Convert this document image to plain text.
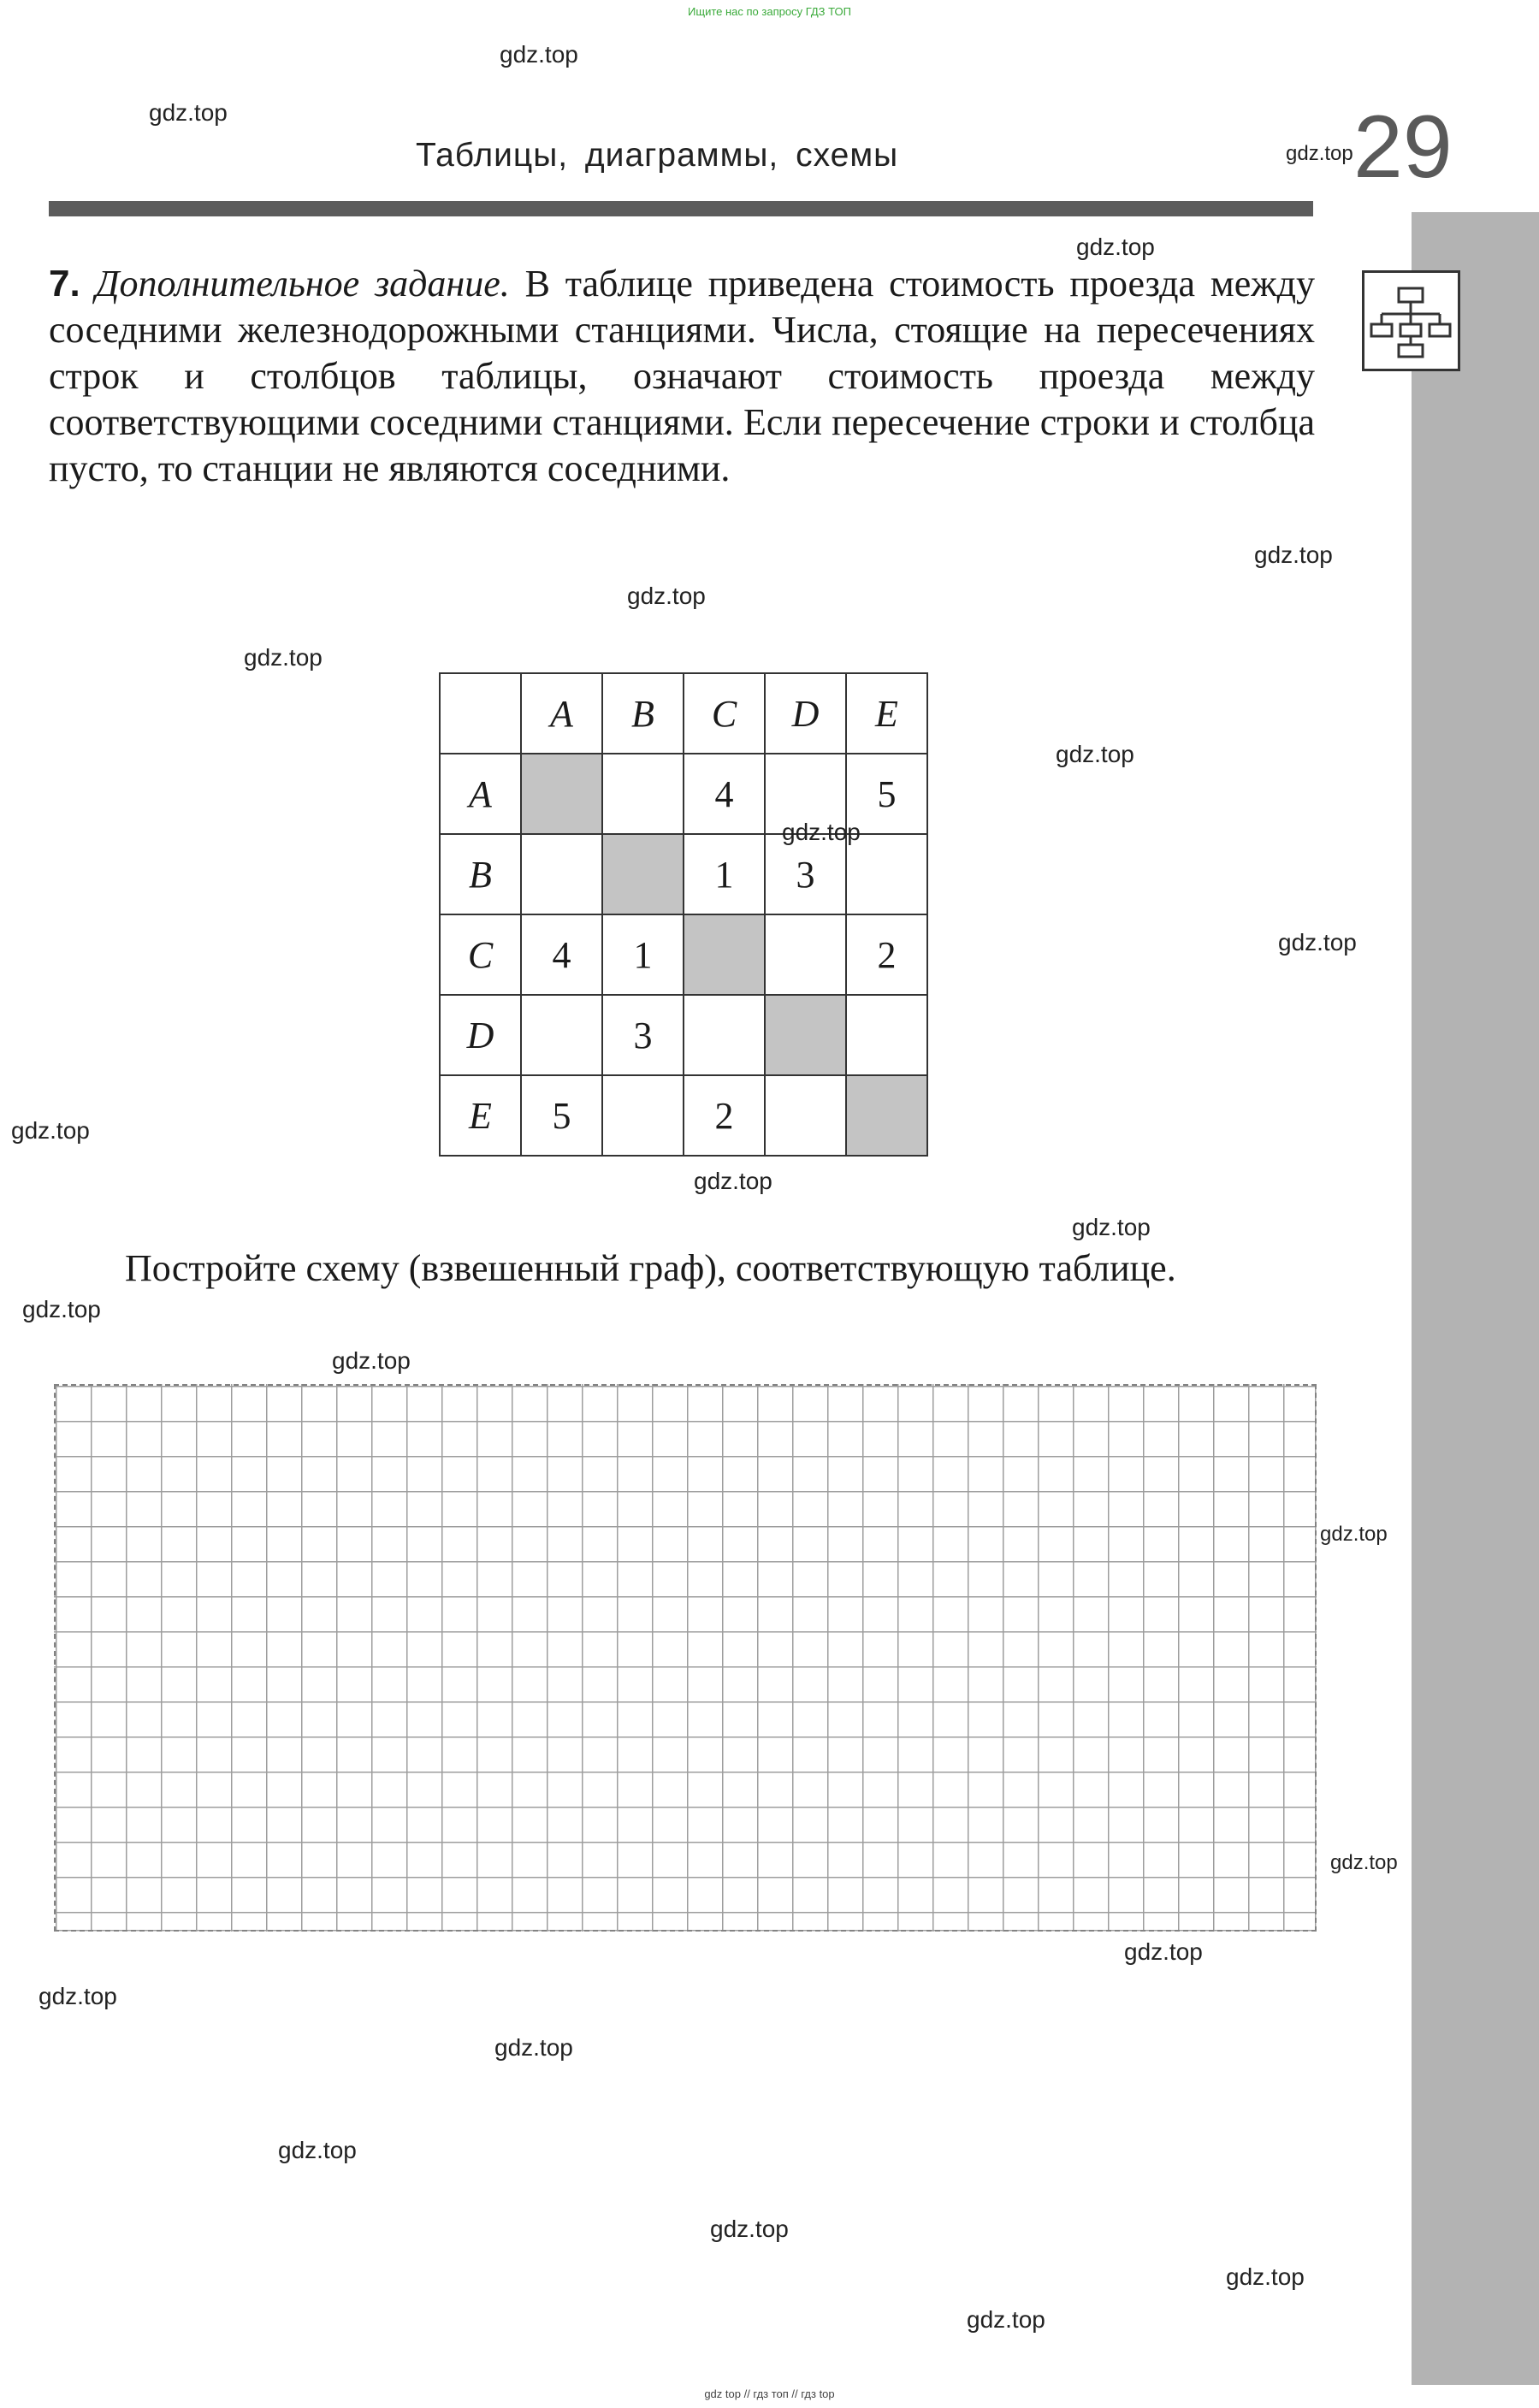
Ищите нас по запросу ГДЗ ТОП
Таблицы, диаграммы, схемы	29
7. Дополнительное задание. В таблице приведена стоимость проезда между соседними железнодорожными станциями. Числа, стоящие на пересечениях строк и столбцов таблицы, означают стоимость проезда между соответствующими соседними станциями. Если пересечение строки и столбца пусто, то станции не являются соседними.
	A	B	C	D	E
A			4		5
B			1	3	
C	4	1			2
D		3			
E	5		2		
Постройте схему (взвешенный граф), соответствующую таблице.
gdz.top
gdz.top
gdz.top
gdz.top
gdz.top
gdz.top
gdz.top
gdz.top
gdz.top
gdz.top
gdz.top
gdz.top
gdz.top
gdz.top
gdz.top
gdz.top
gdz.top
gdz.top
gdz.top
gdz.top
gdz.top
gdz.top
gdz.top
gdz.top
gdz top // гдз топ // гдз top
